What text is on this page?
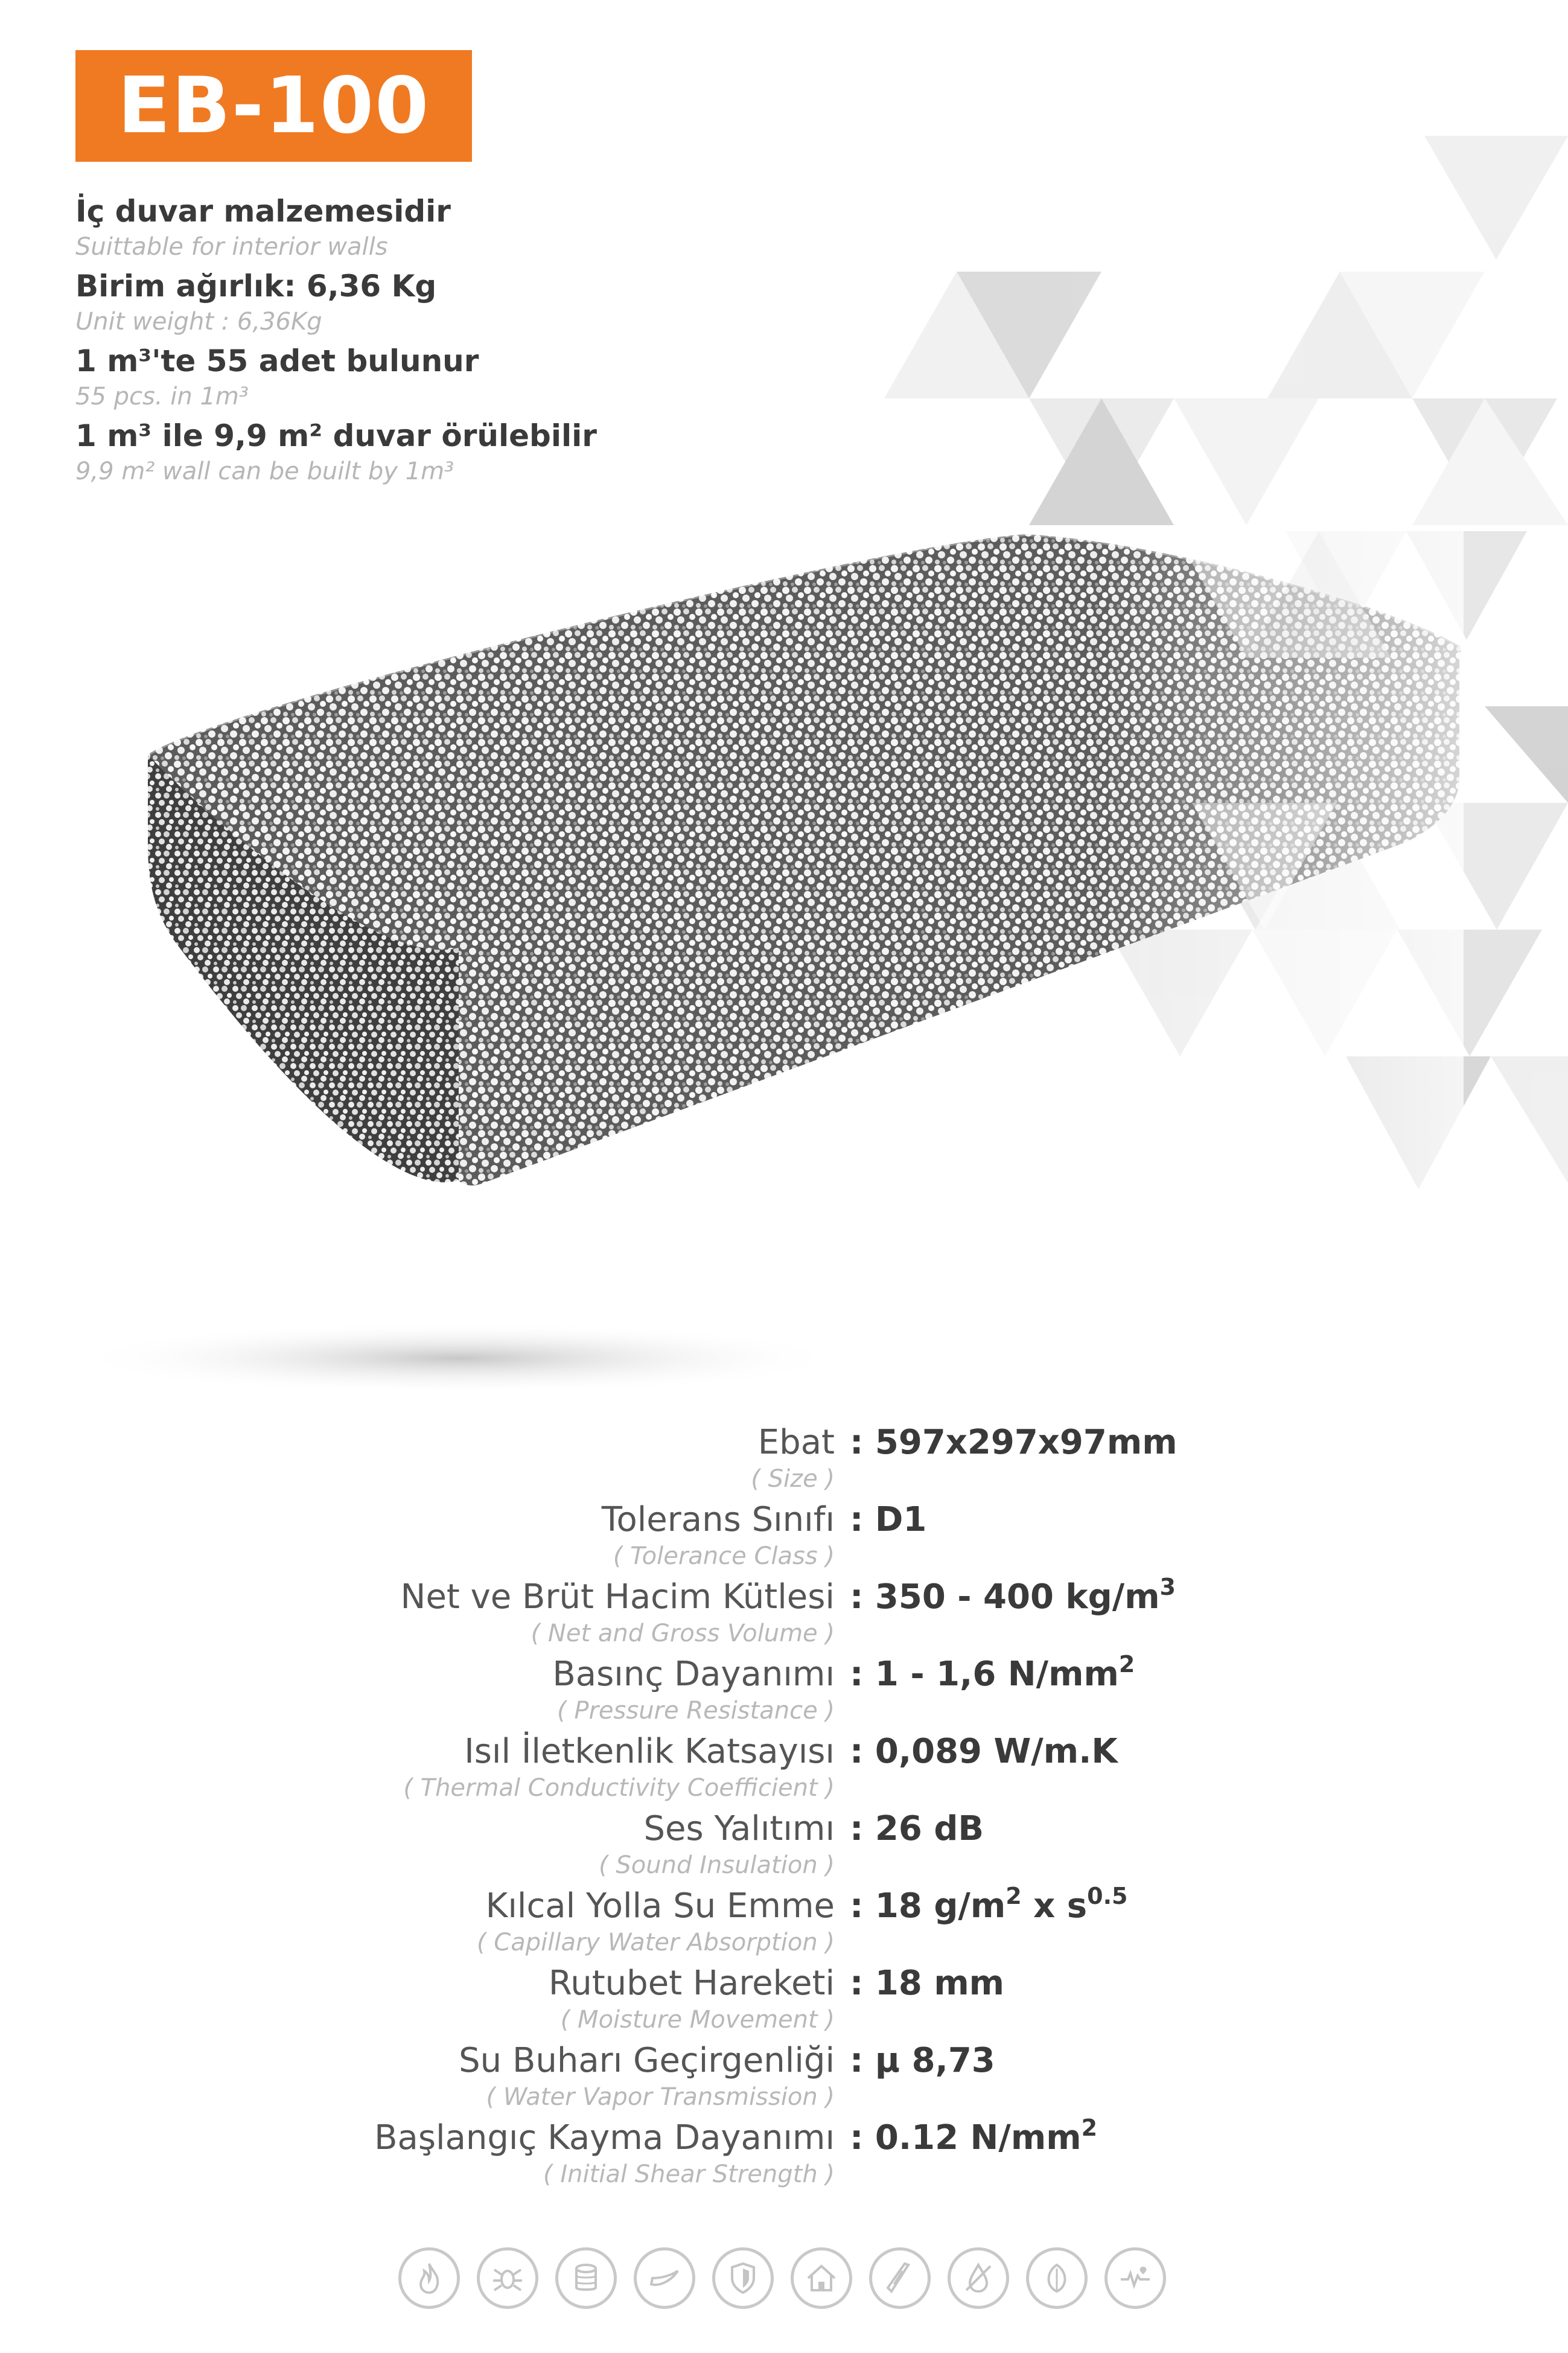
EB-100
İç duvar malzemesidir
Suittable for interior walls
Birim ağırlık: 6,36 Kg
Unit weight : 6,36Kg
1 m³'te 55 adet bulunur
55 pcs. in 1m³
1 m³ ile 9,9 m² duvar örülebilir
9,9 m² wall can be built by 1m³
Ebat
( Size )
: 597x297x97mm
Tolerans Sınıfı
( Tolerance Class )
: D1
Net ve Brüt Hacim Kütlesi
( Net and Gross Volume )
: 350 - 400 $kg/m^3$
Basınç Dayanımı
( Pressure Resistance )
: 1 - 1,6 $N/mm^2$
Isıl İletkenlik Katsayısı
( Thermal Conductivity Coefficient )
: 0,089 W/m.K
Ses Yalıtımı
( Sound Insulation )
: 26 dB
Kılcal Yolla Su Emme
( Capillary Water Absorption )
: 18 $g/m^2$ x $s^{0.5}$
Rutubet Hareketi
( Moisture Movement )
: 18 mm
Su Buharı Geçirgenliği
( Water Vapor Transmission )
: μ 8,73
Başlangıç Kayma Dayanımı
( Initial Shear Strength )
: 0.12 $N/mm^2$
